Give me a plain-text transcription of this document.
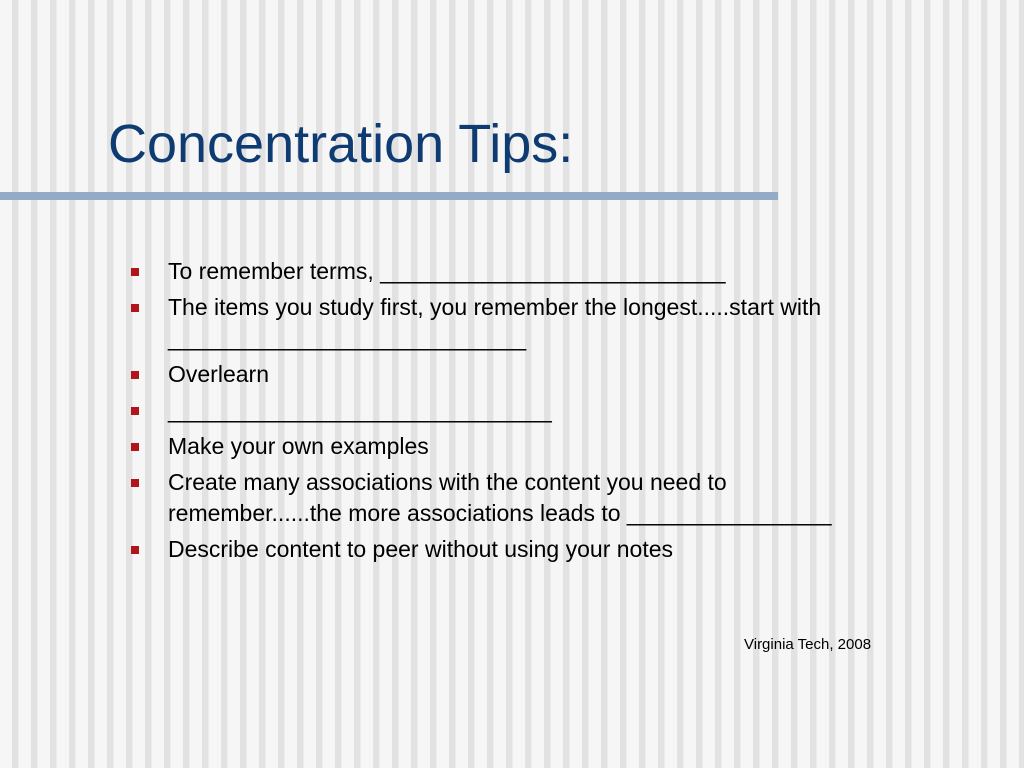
Concentration Tips:
To remember terms, ___________________________
The items you study first, you remember the longest.....start with
____________________________
Overlearn
______________________________
Make your own examples
Create many associations with the content you need to
remember......the more associations leads to ________________
Describe content to peer without using your notes
Virginia Tech, 2008
